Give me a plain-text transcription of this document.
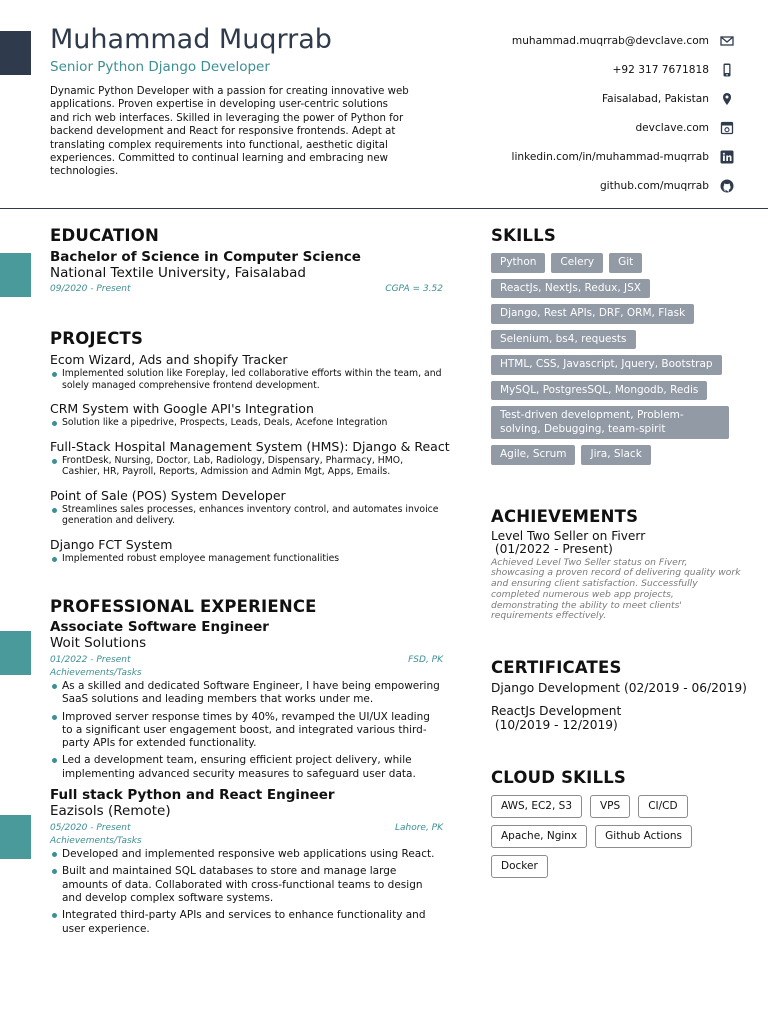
Muhammad Muqrrab
Senior Python Django Developer
Dynamic Python Developer with a passion for creating innovative web applications. Proven expertise in developing user-centric solutions and rich web interfaces. Skilled in leveraging the power of Python for backend development and React for responsive frontends. Adept at translating complex requirements into functional, aesthetic digital experiences. Committed to continual learning and embracing new technologies.
muhammad.muqrrab@devclave.com
+92 317 7671818
Faisalabad, Pakistan
devclave.com
linkedin.com/in/muhammad-muqrrab
github.com/muqrrab
EDUCATION
Bachelor of Science in Computer Science
National Textile University, Faisalabad
09/2020 - Present	CGPA = 3.52
PROJECTS
Ecom Wizard, Ads and shopify Tracker
Implemented solution like Foreplay, led collaborative efforts within the team, and solely managed comprehensive frontend development.
CRM System with Google API's Integration
Solution like a pipedrive, Prospects, Leads, Deals, Acefone Integration
Full-Stack Hospital Management System (HMS): Django & React
FrontDesk, Nursing, Doctor, Lab, Radiology, Dispensary, Pharmacy, HMO, Cashier, HR, Payroll, Reports, Admission and Admin Mgt, Apps, Emails.
Point of Sale (POS) System Developer
Streamlines sales processes, enhances inventory control, and automates invoice generation and delivery.
Django FCT System
Implemented robust employee management functionalities
PROFESSIONAL EXPERIENCE
Associate Software Engineer
Woit Solutions
01/2022 - Present	FSD, PK
Achievements/Tasks
As a skilled and dedicated Software Engineer, I have being empowering SaaS solutions and leading members that works under me.
Improved server response times by 40%, revamped the UI/UX leading to a significant user engagement boost, and integrated various third-party APIs for extended functionality.
Led a development team, ensuring efficient project delivery, while implementing advanced security measures to safeguard user data.
Full stack Python and React Engineer
Eazisols (Remote)
05/2020 - Present	Lahore, PK
Achievements/Tasks
Developed and implemented responsive web applications using React.
Built and maintained SQL databases to store and manage large amounts of data. Collaborated with cross-functional teams to design and develop complex software systems.
Integrated third-party APIs and services to enhance functionality and user experience.
SKILLS
Python	Celery	Git
ReactJs, NextJs, Redux, JSX
Django, Rest APIs, DRF, ORM, Flask
Selenium, bs4, requests
HTML, CSS, Javascript, Jquery, Bootstrap
MySQL, PostgresSQL, Mongodb, Redis
Test-driven development, Problem-solving, Debugging, team-spirit
Agile, Scrum	Jira, Slack
ACHIEVEMENTS
Level Two Seller on Fiverr
(01/2022 - Present)
Achieved Level Two Seller status on Fiverr, showcasing a proven record of delivering quality work and ensuring client satisfaction. Successfully completed numerous web app projects, demonstrating the ability to meet clients' requirements effectively.
CERTIFICATES
Django Development (02/2019 - 06/2019)
ReactJs Development
(10/2019 - 12/2019)
CLOUD SKILLS
AWS, EC2, S3	VPS	CI/CD
Apache, Nginx	Github Actions
Docker
